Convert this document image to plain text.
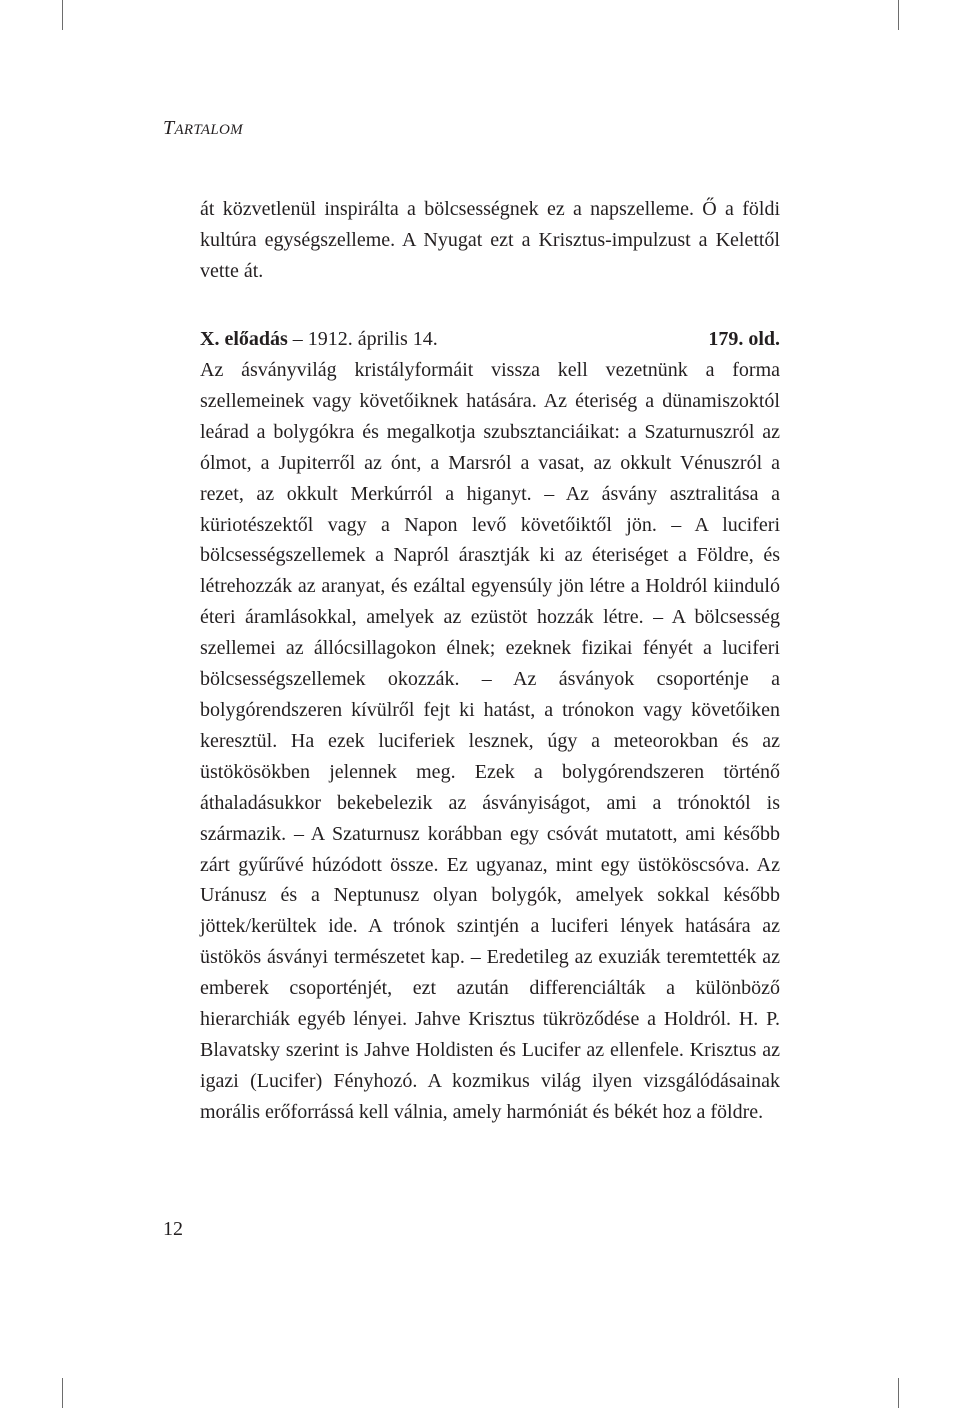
TARTALOM
át közvetlenül inspirálta a bölcsességnek ez a napszelleme. Ő a földi kultúra egységszelleme. A Nyugat ezt a Krisztus-impulzust a Kelettől vette át.
X. előadás – 1912. április 14.	179. old.
Az ásványvilág kristályformáit vissza kell vezetnünk a forma szellemeinek vagy követőiknek hatására. Az éteriség a dünamiszoktól leárad a bolygókra és megalkotja szubsztanciáikat: a Szaturnuszról az ólmot, a Jupiterről az ónt, a Marsról a vasat, az okkult Vénuszról a rezet, az okkult Merkúrról a higanyt. – Az ásvány asztralitása a küriotészektől vagy a Napon levő követőiktől jön. – A luciferi bölcsességszellemek a Napról árasztják ki az éteriséget a Földre, és létrehozzák az aranyat, és ezáltal egyensúly jön létre a Holdról kiinduló éteri áramlásokkal, amelyek az ezüstöt hozzák létre. – A bölcsesség szellemei az állócsillagokon élnek; ezeknek fizikai fényét a luciferi bölcsességszellemek okozzák. – Az ásványok csoporténje a bolygórendszeren kívülről fejt ki hatást, a trónokon vagy követőiken keresztül. Ha ezek luciferiek lesznek, úgy a meteorokban és az üstökösökben jelennek meg. Ezek a bolygórendszeren történő áthaladásukkor bekebelezik az ásványiságot, ami a trónoktól is származik. – A Szaturnusz korábban egy csóvát mutatott, ami később zárt gyűrűvé húzódott össze. Ez ugyanaz, mint egy üstököscsóva. Az Uránusz és a Neptunusz olyan bolygók, amelyek sokkal később jöttek/kerültek ide. A trónok szintjén a luciferi lények hatására az üstökös ásványi természetet kap. – Eredetileg az exuziák teremtették az emberek csoporténjét, ezt azután differenciálták a különböző hierarchiák egyéb lényei. Jahve Krisztus tükröződése a Holdról. H. P. Blavatsky szerint is Jahve Holdisten és Lucifer az ellenfele. Krisztus az igazi (Lucifer) Fényhozó. A kozmikus világ ilyen vizsgálódásainak morális erőforrássá kell válnia, amely harmóniát és békét hoz a földre.
12
